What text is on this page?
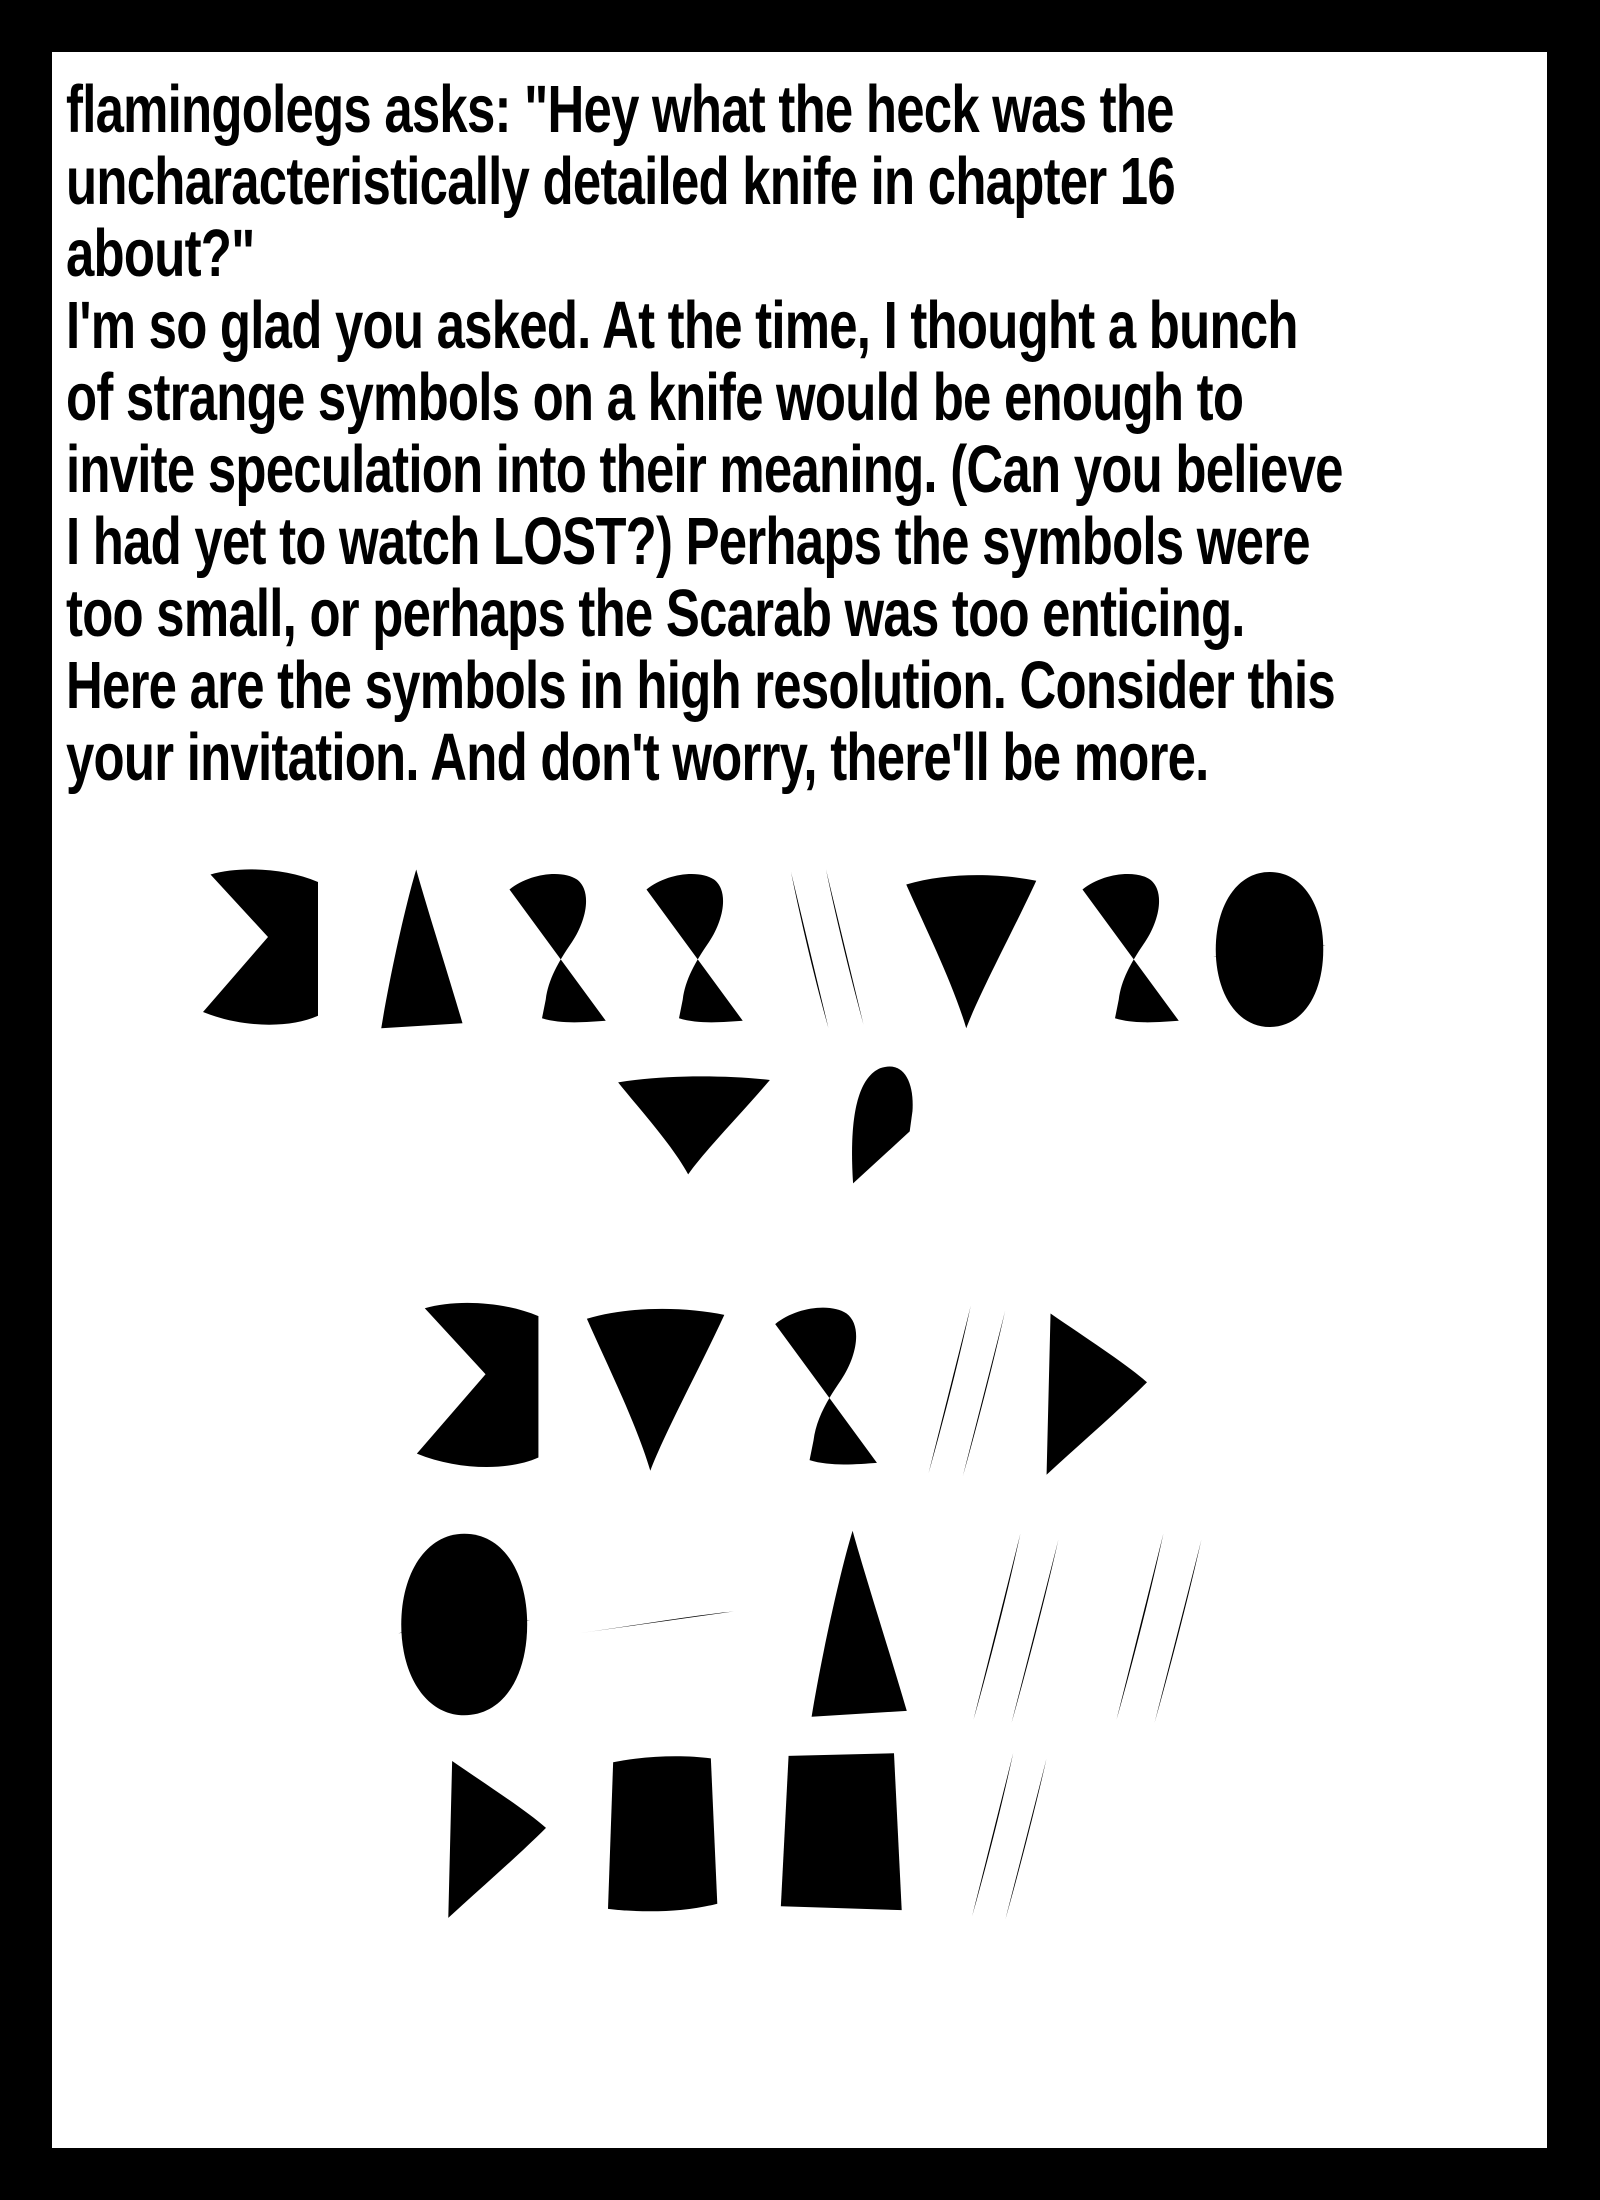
flamingolegs asks: "Hey what the heck was the
uncharacteristically detailed knife in chapter 16
about?"
I'm so glad you asked. At the time, I thought a bunch
of strange symbols on a knife would be enough to
invite speculation into their meaning. (Can you believe
I had yet to watch LOST?) Perhaps the symbols were
too small, or perhaps the Scarab was too enticing.
Here are the symbols in high resolution. Consider this
your invitation. And don't worry, there'll be more.
